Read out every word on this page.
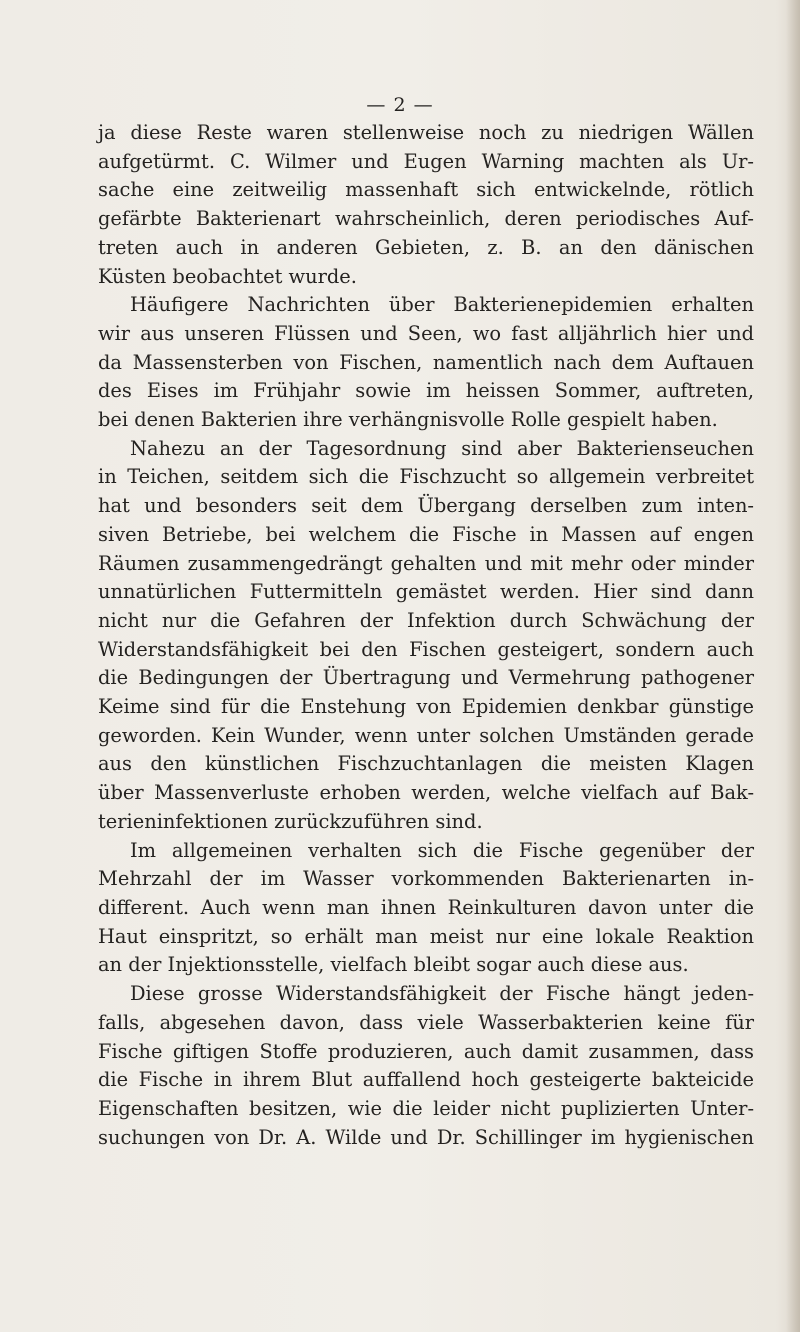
— 2 —
ja diese Reste waren stellenweise noch zu niedrigen Wällen
aufgetürmt. C. Wilmer und Eugen Warning machten als Ur-
sache eine zeitweilig massenhaft sich entwickelnde, rötlich
gefärbte Bakterienart wahrscheinlich, deren periodisches Auf-
treten auch in anderen Gebieten, z. B. an den dänischen
Küsten beobachtet wurde.
Häufigere Nachrichten über Bakterienepidemien erhalten
wir aus unseren Flüssen und Seen, wo fast alljährlich hier und
da Massensterben von Fischen, namentlich nach dem Auftauen
des Eises im Frühjahr sowie im heissen Sommer, auftreten,
bei denen Bakterien ihre verhängnisvolle Rolle gespielt haben.
Nahezu an der Tagesordnung sind aber Bakterienseuchen
in Teichen, seitdem sich die Fischzucht so allgemein verbreitet
hat und besonders seit dem Übergang derselben zum inten-
siven Betriebe, bei welchem die Fische in Massen auf engen
Räumen zusammengedrängt gehalten und mit mehr oder minder
unnatürlichen Futtermitteln gemästet werden. Hier sind dann
nicht nur die Gefahren der Infektion durch Schwächung der
Widerstandsfähigkeit bei den Fischen gesteigert, sondern auch
die Bedingungen der Übertragung und Vermehrung pathogener
Keime sind für die Enstehung von Epidemien denkbar günstige
geworden. Kein Wunder, wenn unter solchen Umständen gerade
aus den künstlichen Fischzuchtanlagen die meisten Klagen
über Massenverluste erhoben werden, welche vielfach auf Bak-
terieninfektionen zurückzuführen sind.
Im allgemeinen verhalten sich die Fische gegenüber der
Mehrzahl der im Wasser vorkommenden Bakterienarten in-
different. Auch wenn man ihnen Reinkulturen davon unter die
Haut einspritzt, so erhält man meist nur eine lokale Reaktion
an der Injektionsstelle, vielfach bleibt sogar auch diese aus.
Diese grosse Widerstandsfähigkeit der Fische hängt jeden-
falls, abgesehen davon, dass viele Wasserbakterien keine für
Fische giftigen Stoffe produzieren, auch damit zusammen, dass
die Fische in ihrem Blut auffallend hoch gesteigerte bakteicide
Eigenschaften besitzen, wie die leider nicht puplizierten Unter-
suchungen von Dr. A. Wilde und Dr. Schillinger im hygienischen
